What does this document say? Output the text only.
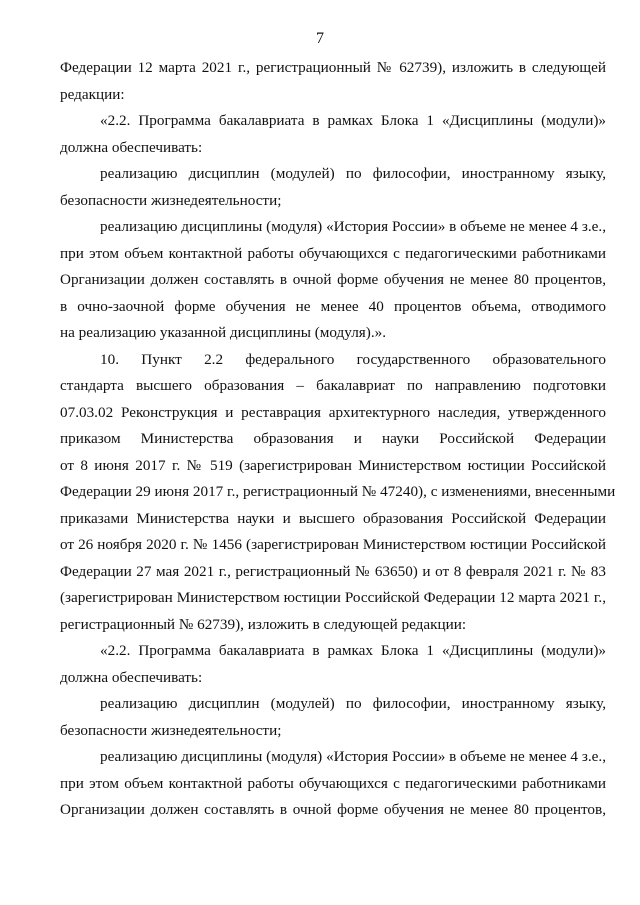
7
Федерации 12 марта 2021 г., регистрационный № 62739), изложить в следующей
редакции:
«2.2. Программа бакалавриата в рамках Блока 1 «Дисциплины (модули)»
должна обеспечивать:
реализацию дисциплин (модулей) по философии, иностранному языку,
безопасности жизнедеятельности;
реализацию дисциплины (модуля) «История России» в объеме не менее 4 з.е.,
при этом объем контактной работы обучающихся с педагогическими работниками
Организации должен составлять в очной форме обучения не менее 80 процентов,
в очно-заочной форме обучения не менее 40 процентов объема, отводимого
на реализацию указанной дисциплины (модуля).».
10. Пункт 2.2 федерального государственного образовательного
стандарта высшего образования – бакалавриат по направлению подготовки
07.03.02 Реконструкция и реставрация архитектурного наследия, утвержденного
приказом Министерства образования и науки Российской Федерации
от 8 июня 2017 г. № 519 (зарегистрирован Министерством юстиции Российской
Федерации 29 июня 2017 г., регистрационный № 47240), с изменениями, внесенными
приказами Министерства науки и высшего образования Российской Федерации
от 26 ноября 2020 г. № 1456 (зарегистрирован Министерством юстиции Российской
Федерации 27 мая 2021 г., регистрационный № 63650) и от 8 февраля 2021 г. № 83
(зарегистрирован Министерством юстиции Российской Федерации 12 марта 2021 г.,
регистрационный № 62739), изложить в следующей редакции:
«2.2. Программа бакалавриата в рамках Блока 1 «Дисциплины (модули)»
должна обеспечивать:
реализацию дисциплин (модулей) по философии, иностранному языку,
безопасности жизнедеятельности;
реализацию дисциплины (модуля) «История России» в объеме не менее 4 з.е.,
при этом объем контактной работы обучающихся с педагогическими работниками
Организации должен составлять в очной форме обучения не менее 80 процентов,
